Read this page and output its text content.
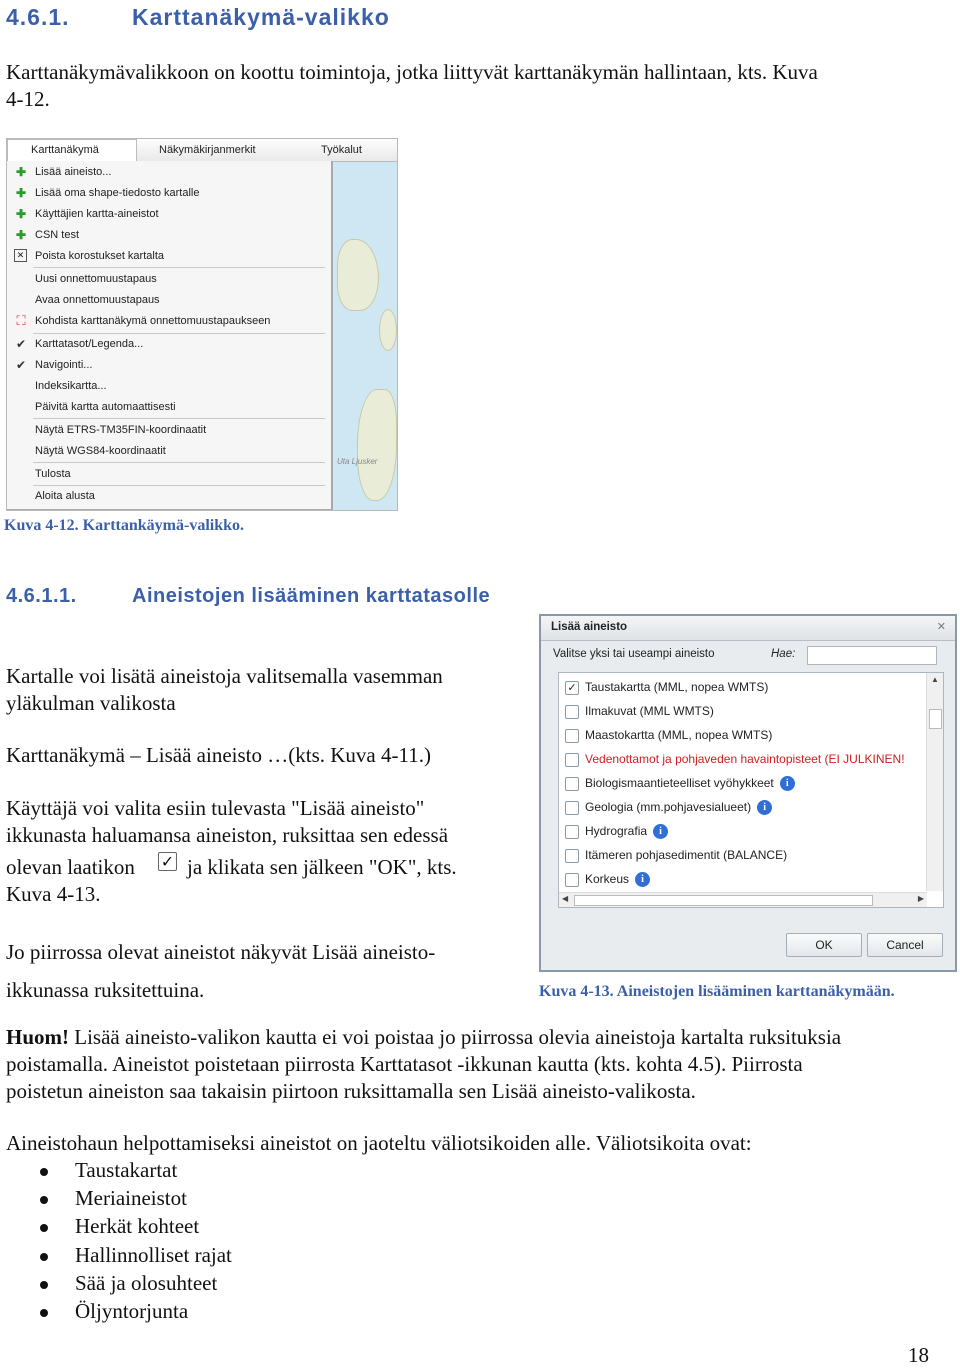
4.6.1.	Karttanäkymä-valikko
Karttanäkymävalikkoon on koottu toimintoja, jotka liittyvät karttanäkymän hallintaan, kts. Kuva
4-12.
Uta Ljusker
Karttanäkymä	Näkymäkirjanmerkit	Työkalut
✚ Lisää aineisto...
✚ Lisää oma shape-tiedosto kartalle
✚ Käyttäjien kartta-aineistot
✚ CSN test
✕ Poista korostukset kartalta
Uusi onnettomuustapaus
Avaa onnettomuustapaus
⛶ Kohdista karttanäkymä onnettomuustapaukseen
✔ Karttatasot/Legenda...
✔ Navigointi...
Indeksikartta...
Päivitä kartta automaattisesti
Näytä ETRS-TM35FIN-koordinaatit
Näytä WGS84-koordinaatit
Tulosta
Aloita alusta
Kuva 4-12. Karttankäymä-valikko.
4.6.1.1.	Aineistojen lisääminen karttatasolle
Kartalle voi lisätä aineistoja valitsemalla vasemman
yläkulman valikosta
Karttanäkymä – Lisää aineisto …(kts. Kuva 4-11.)
Käyttäjä voi valita esiin tulevasta "Lisää aineisto"
ikkunasta haluamansa aineiston, ruksittaa sen edessä
olevan laatikon ✓ ja klikata sen jälkeen "OK", kts.
Kuva 4-13.
Jo piirrossa olevat aineistot näkyvät Lisää aineisto-
ikkunassa ruksitettuina.
Lisää aineisto	✕
Valitse yksi tai useampi aineisto	Hae:
✓ Taustakartta (MML, nopea WMTS)
Ilmakuvat (MML WMTS)
Maastokartta (MML, nopea WMTS)
Vedenottamot ja pohjaveden havaintopisteet (EI JULKINEN!
Biologismaantieteelliset vyöhykkeet i
Geologia (mm.pohjavesialueet) i
Hydrografia i
Itämeren pohjasedimentit (BALANCE)
Korkeus i
▲
◀	▶
OK	Cancel
Kuva 4-13. Aineistojen lisääminen karttanäkymään.
Huom! Lisää aineisto-valikon kautta ei voi poistaa jo piirrossa olevia aineistoja kartalta ruksituksia
poistamalla. Aineistot poistetaan piirrosta Karttatasot -ikkunan kautta (kts. kohta 4.5). Piirrosta
poistetun aineiston saa takaisin piirtoon ruksittamalla sen Lisää aineisto-valikosta.
Aineistohaun helpottamiseksi aineistot on jaoteltu väliotsikoiden alle. Väliotsikoita ovat:
Taustakartat
Meriaineistot
Herkät kohteet
Hallinnolliset rajat
Sää ja olosuhteet
Öljyntorjunta
18
